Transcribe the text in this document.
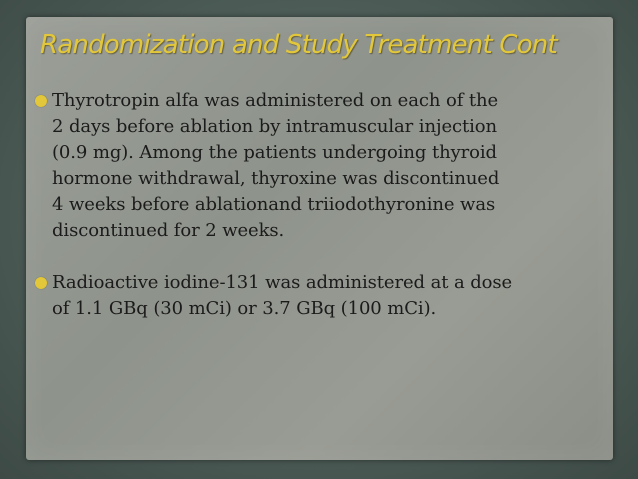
Randomization and Study Treatment Cont
Thyrotropin alfa was administered on each of the
2 days before ablation by intramuscular injection
(0.9 mg). Among the patients undergoing thyroid
hormone withdrawal, thyroxine was discontinued
4 weeks before ablationand triiodothyronine was
discontinued for 2 weeks.
Radioactive iodine-131 was administered at a dose
of 1.1 GBq (30 mCi) or 3.7 GBq (100 mCi).
